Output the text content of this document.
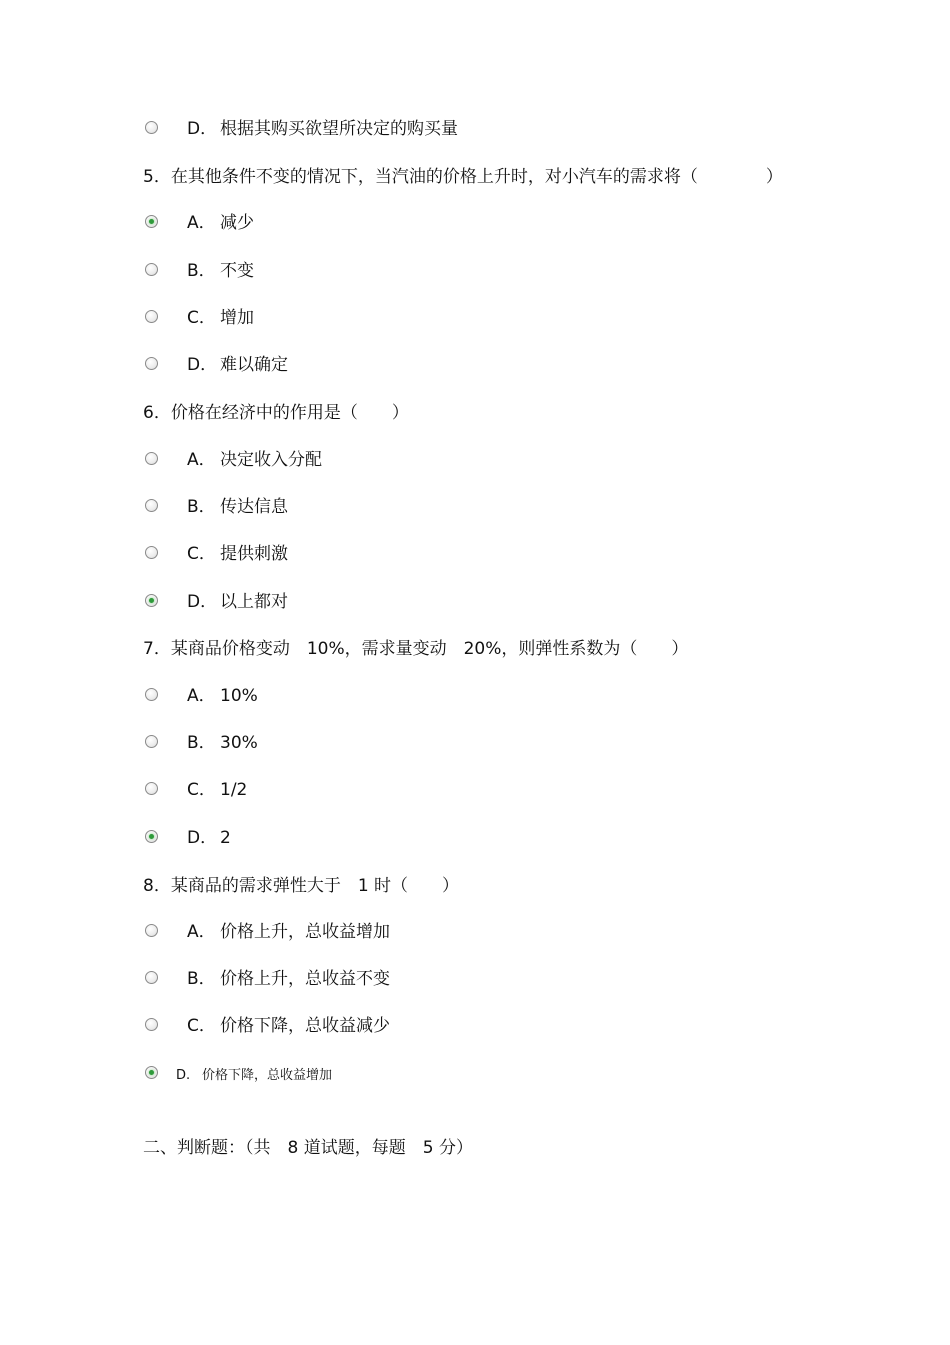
D． 根据其购买欲望所决定的购买量
5．在其他条件不变的情况下，当汽油的价格上升时，对小汽车的需求将（　　　　）
A． 减少
B． 不变
C． 增加
D． 难以确定
6．价格在经济中的作用是（　　）
A． 决定收入分配
B． 传达信息
C． 提供刺激
D． 以上都对
7．某商品价格变动　10%，需求量变动　20%，则弹性系数为（　　）
A． 10%
B． 30%
C． 1/2
D． 2
8．某商品的需求弹性大于　1 时（　　）
A． 价格上升，总收益增加
B． 价格上升，总收益不变
C． 价格下降，总收益减少
D. 价格下降，总收益增加
二、判断题：（共　8 道试题，每题　5 分）
